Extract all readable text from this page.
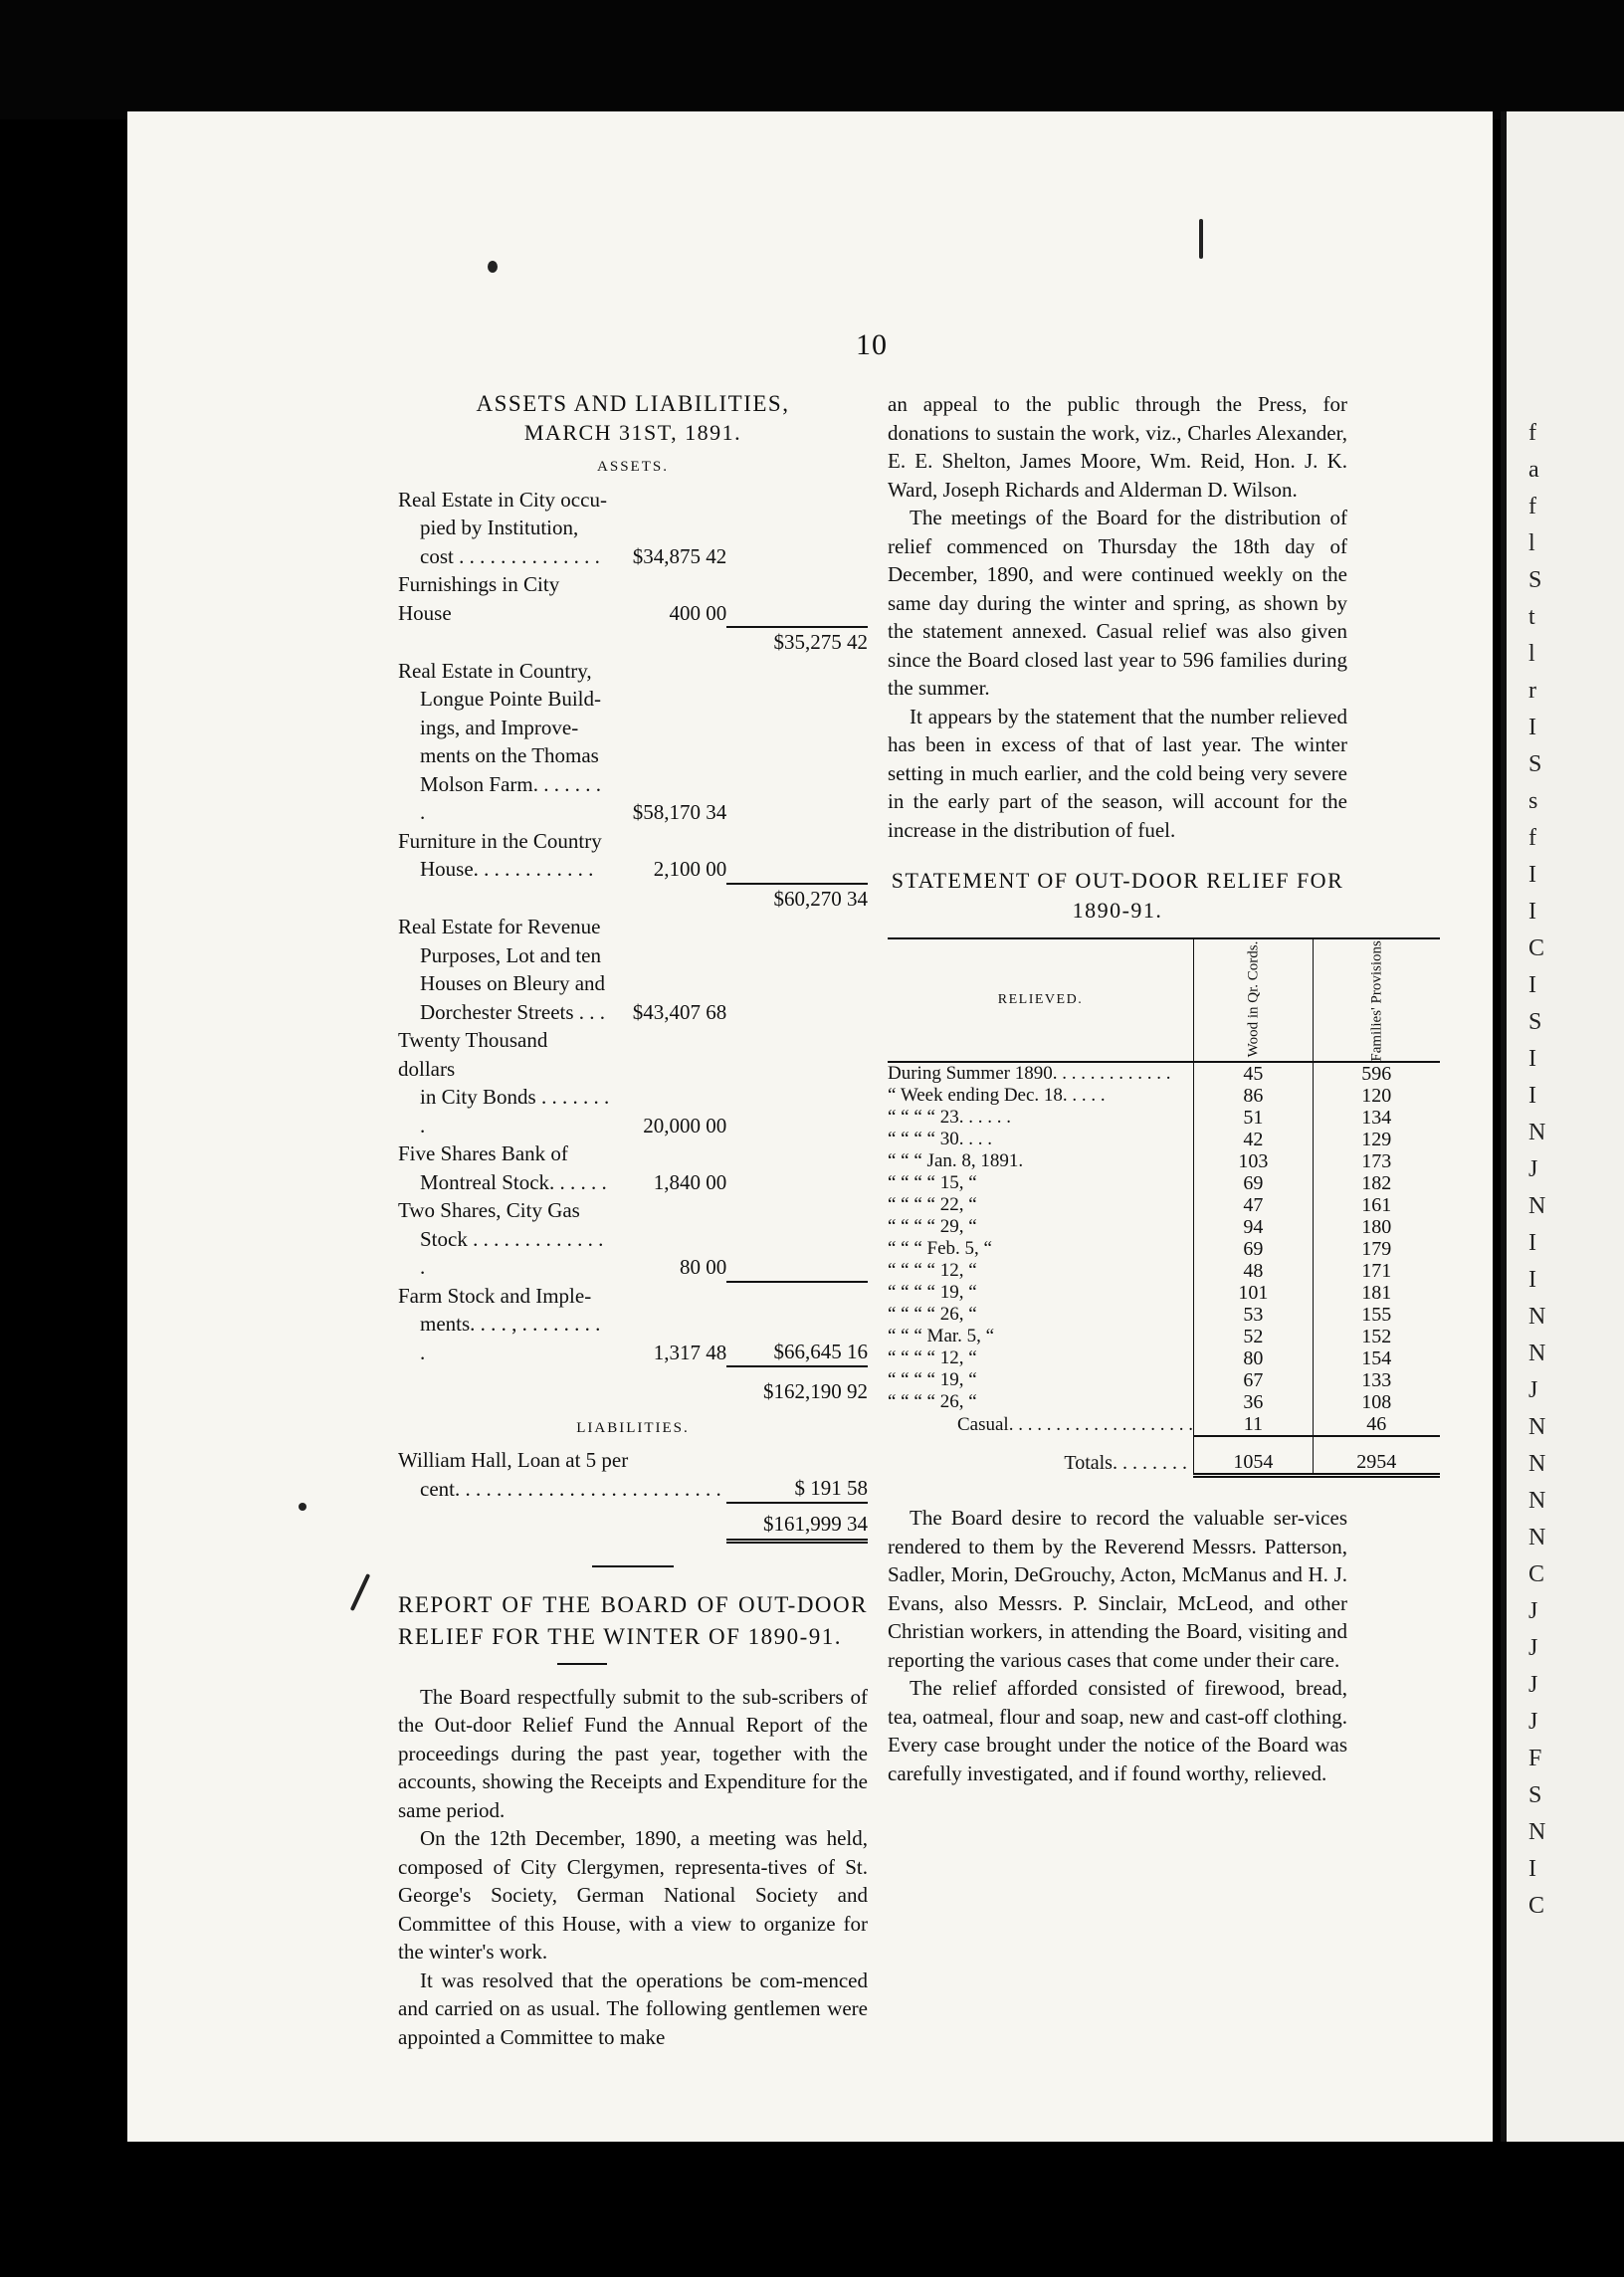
f
a
f
l
S
t
l
r
I
S
s
f
I
I
C
I
S
I
I
N
J
N
I
I
N
N
J
N
N
N
N
C
J
J
J
J
F
S
N
I
C
10
ASSETS AND LIABILITIES,
MARCH 31ST, 1891.
ASSETS.
Real Estate in City occu-
pied by Institution,
cost . . . . . . . . . . . . . .	$34,875 42	

Furnishings in City House	400 00	

		$35,275 42

Real Estate in Country,
Longue Pointe Build-
ings, and Improve-
ments on the Thomas
Molson Farm. . . . . . . .	$58,170 34	

Furniture in the Country
House. . . . . . . . . . . .	2,100 00	

		$60,270 34

Real Estate for Revenue
Purposes, Lot and ten
Houses on Bleury and
Dorchester Streets . . .	$43,407 68	

Twenty Thousand dollars
in City Bonds . . . . . . . .	20,000 00	

Five Shares Bank of
Montreal Stock. . . . . .	1,840 00	

Two Shares, City Gas
Stock . . . . . . . . . . . . . .	80 00	

Farm Stock and Imple-
ments. . . . , . . . . . . . . .	1,317 48	$66,645 16
		$162,190 92
LIABILITIES.
William Hall, Loan at 5 per
cent. . . . . . . . . . . . . . . . . . . . . . . . . .		$ 191 58
		$161,999 34
REPORT OF THE BOARD OF OUT-DOOR RELIEF FOR THE WINTER OF 1890-91.

The Board respectfully submit to the sub-scribers of the Out-door Relief Fund the Annual Report of the proceedings during the past year, together with the accounts, showing the Receipts and Expenditure for the same period.

On the 12th December, 1890, a meeting was held, composed of City Clergymen, representa-tives of St. George's Society, German National Society and Committee of this House, with a view to organize for the winter's work.

It was resolved that the operations be com-menced and carried on as usual. The following gentlemen were appointed a Committee to make

an appeal to the public through the Press, for donations to sustain the work, viz., Charles Alexander, E. E. Shelton, James Moore, Wm. Reid, Hon. J. K. Ward, Joseph Richards and Alderman D. Wilson.

The meetings of the Board for the distribution of relief commenced on Thursday the 18th day of December, 1890, and were continued weekly on the same day during the winter and spring, as shown by the statement annexed. Casual relief was also given since the Board closed last year to 596 families during the summer.

It appears by the statement that the number relieved has been in excess of that of last year. The winter setting in much earlier, and the cold being very severe in the early part of the season, will account for the increase in the distribution of fuel.

STATEMENT OF OUT-DOOR RELIEF FOR 1890-91.
RELIEVED.	Wood in Qr. Cords.	Families' Provisions.
During Summer 1890. . . . . . . . . . . . .	45	596
“ Week ending Dec. 18. . . . .	86	120
“ “ “ “ 23. . . . . .	51	134
“ “ “ “ 30. . . .	42	129
“ “ “ Jan. 8, 1891.	103	173
“ “ “ “ 15, “	69	182
“ “ “ “ 22, “	47	161
“ “ “ “ 29, “	94	180
“ “ “ Feb. 5, “	69	179
“ “ “ “ 12, “	48	171
“ “ “ “ 19, “	101	181
“ “ “ “ 26, “	53	155
“ “ “ Mar. 5, “	52	152
“ “ “ “ 12, “	80	154
“ “ “ “ 19, “	67	133
“ “ “ “ 26, “	36	108
Casual. . . . . . . . . . . . . . . . . . . .	11	46
Totals. . . . . . . .	1054	2954

The Board desire to record the valuable ser-vices rendered to them by the Reverend Messrs. Patterson, Sadler, Morin, DeGrouchy, Acton, McManus and H. J. Evans, also Messrs. P. Sinclair, McLeod, and other Christian workers, in attending the Board, visiting and reporting the various cases that come under their care.

The relief afforded consisted of firewood, bread, tea, oatmeal, flour and soap, new and cast-off clothing. Every case brought under the notice of the Board was carefully investigated, and if found worthy, relieved.
